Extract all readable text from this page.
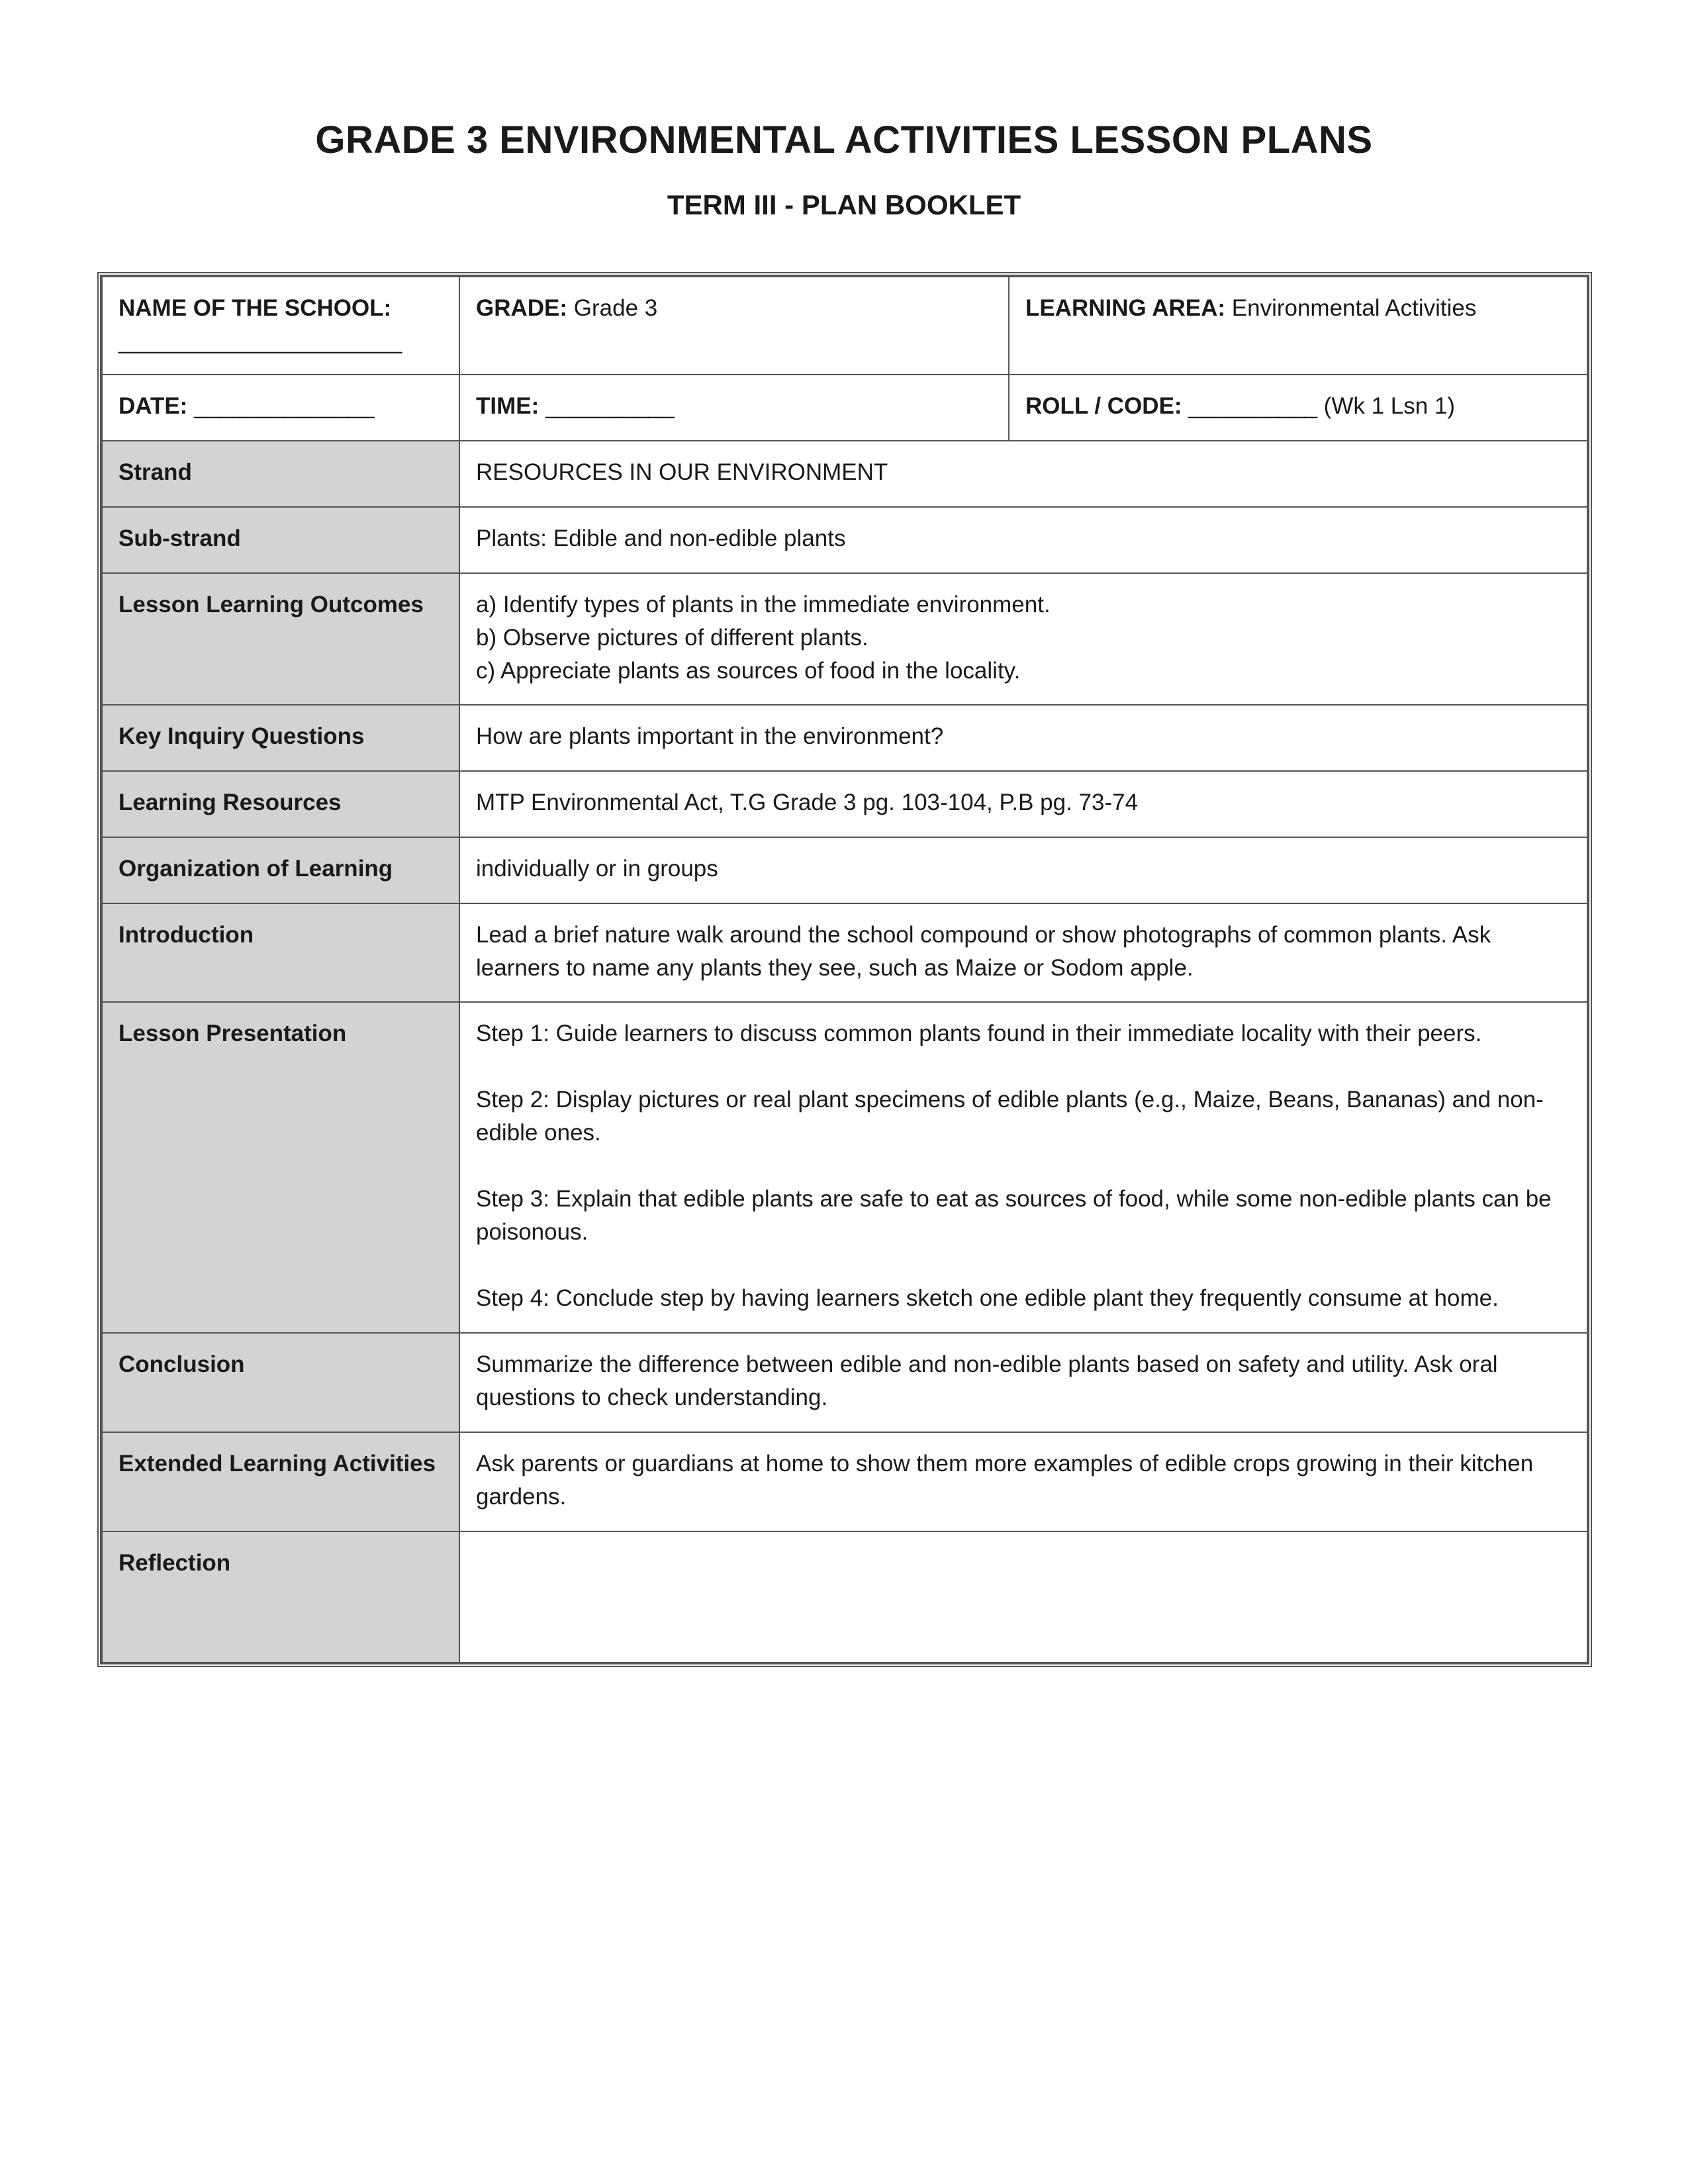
GRADE 3 ENVIRONMENTAL ACTIVITIES LESSON PLANS
TERM III - PLAN BOOKLET
NAME OF THE SCHOOL:
______________________	GRADE: Grade 3	LEARNING AREA: Environmental Activities
DATE: ______________	TIME: __________	ROLL / CODE: __________ (Wk 1 Lsn 1)
Strand	RESOURCES IN OUR ENVIRONMENT	
Sub-strand	Plants: Edible and non-edible plants	
Lesson Learning Outcomes	a) Identify types of plants in the immediate environment.
b) Observe pictures of different plants.
c) Appreciate plants as sources of food in the locality.	

Key Inquiry Questions	How are plants important in the environment?	
Learning Resources	MTP Environmental Act, T.G Grade 3 pg. 103-104, P.B pg. 73-74	
Organization of Learning	individually or in groups	
Introduction	Lead a brief nature walk around the school compound or show photographs of common plants. Ask learners to name any plants they see, such as Maize or Sodom apple.	
Lesson Presentation	Step 1: Guide learners to discuss common plants found in their immediate locality with their peers.
Step 2: Display pictures or real plant specimens of edible plants (e.g., Maize, Beans, Bananas) and non-edible ones.
Step 3: Explain that edible plants are safe to eat as sources of food, while some non-edible plants can be poisonous.
Step 4: Conclude step by having learners sketch one edible plant they frequently consume at home.	

Conclusion	Summarize the difference between edible and non-edible plants based on safety and utility. Ask oral questions to check understanding.	
Extended Learning Activities	Ask parents or guardians at home to show them more examples of edible crops growing in their kitchen gardens.	
Reflection		
